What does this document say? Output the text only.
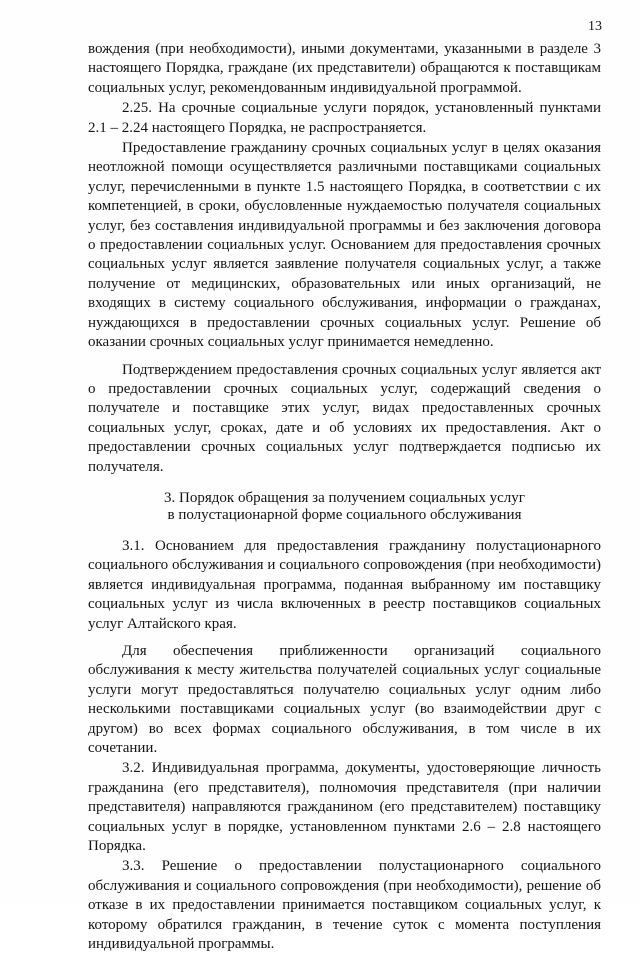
13

вождения (при необходимости), иными документами, указанными в разделе 3 настоящего Порядка, граждане (их представители) обращаются к поставщикам социальных услуг, рекомендованным индивидуальной программой.

2.25. На срочные социальные услуги порядок, установленный пунктами 2.1 – 2.24 настоящего Порядка, не распространяется.

Предоставление гражданину срочных социальных услуг в целях оказания неотложной помощи осуществляется различными поставщиками социальных услуг, перечисленными в пункте 1.5 настоящего Порядка, в соответствии с их компетенцией, в сроки, обусловленные нуждаемостью получателя социальных услуг, без составления индивидуальной программы и без заключения договора о предоставлении социальных услуг. Основанием для предоставления срочных социальных услуг является заявление получателя социальных услуг, а также получение от медицинских, образовательных или иных организаций, не входящих в систему социального обслуживания, информации о гражданах, нуждающихся в предоставлении срочных социальных услуг. Решение об оказании срочных социальных услуг принимается немедленно.

Подтверждением предоставления срочных социальных услуг является акт о предоставлении срочных социальных услуг, содержащий сведения о получателе и поставщике этих услуг, видах предоставленных срочных социальных услуг, сроках, дате и об условиях их предоставления. Акт о предоставлении срочных социальных услуг подтверждается подписью их получателя.

3. Порядок обращения за получением социальных услуг
в полустационарной форме социального обслуживания

3.1. Основанием для предоставления гражданину полустационарного социального обслуживания и социального сопровождения (при необходимости) является индивидуальная программа, поданная выбранному им поставщику социальных услуг из числа включенных в реестр поставщиков социальных услуг Алтайского края.

Для обеспечения приближенности организаций социального обслуживания к месту жительства получателей социальных услуг социальные услуги могут предоставляться получателю социальных услуг одним либо несколькими поставщиками социальных услуг (во взаимодействии друг с другом) во всех формах социального обслуживания, в том числе в их сочетании.

3.2. Индивидуальная программа, документы, удостоверяющие личность гражданина (его представителя), полномочия представителя (при наличии представителя) направляются гражданином (его представителем) поставщику социальных услуг в порядке, установленном пунктами 2.6 – 2.8 настоящего Порядка.

3.3. Решение о предоставлении полустационарного социального обслуживания и социального сопровождения (при необходимости), решение об отказе в их предоставлении принимается поставщиком социальных услуг, к которому обратился гражданин, в течение суток с момента поступления индивидуальной программы.
